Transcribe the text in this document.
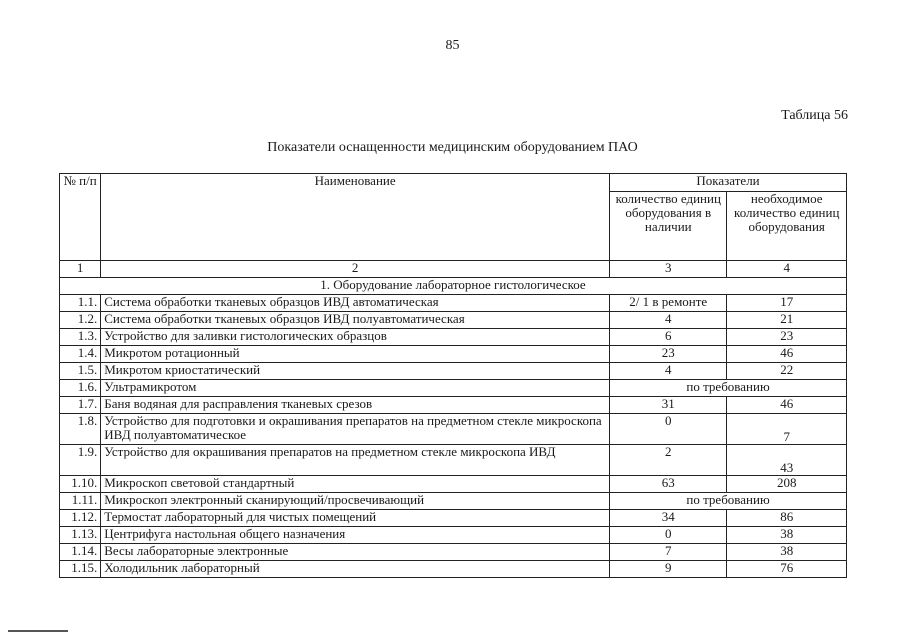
85
Таблица 56
Показатели оснащенности медицинским оборудованием ПАО
№ п/п	Наименование	Показатели	
		количество единиц оборудования в наличии	необходимое количество единиц оборудования
1	2	3	4
1. Оборудование лабораторное гистологическое			
1.1.	Система обработки тканевых образцов ИВД автоматическая	2/ 1 в ремонте	17
1.2.	Система обработки тканевых образцов ИВД полуавтоматическая	4	21
1.3.	Устройство для заливки гистологических образцов	6	23
1.4.	Микротом ротационный	23	46
1.5.	Микротом криостатический	4	22
1.6.	Ультрамикротом	по требованию	
1.7.	Баня водяная для расправления тканевых срезов	31	46
1.8.	Устройство для подготовки и окрашивания препаратов на предметном стекле микроскопа ИВД полуавтоматическое	0	7
1.9.	Устройство для окрашивания препаратов на предметном стекле микроскопа ИВД	2	43
1.10.	Микроскоп световой стандартный	63	208
1.11.	Микроскоп электронный сканирующий/просвечивающий	по требованию	
1.12.	Термостат лабораторный для чистых помещений	34	86
1.13.	Центрифуга настольная общего назначения	0	38
1.14.	Весы лабораторные электронные	7	38
1.15.	Холодильник лабораторный	9	76
